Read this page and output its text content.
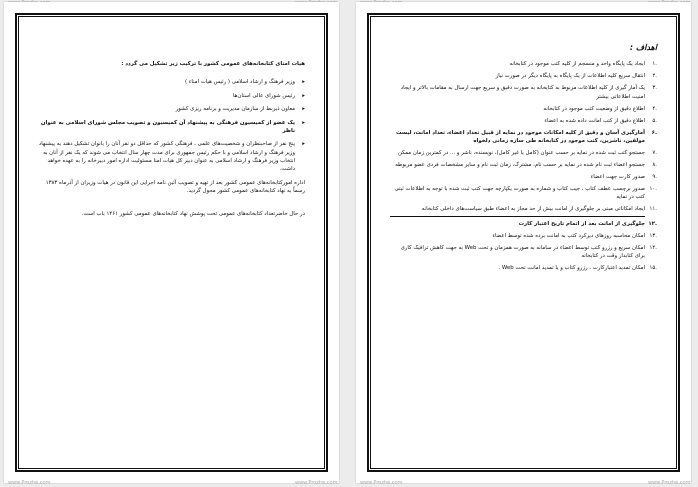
هیات امنای کتابخانه‌های عمومی کشور با ترکیب زیر تشکیل می گردد :

▸ وزیر فرهنگ و ارشاد اسلامی ( رئیس هیات امناء )
▸ رئیس شورای عالی استان‌ها
▸ معاون ذیربط از سازمان مدیریت و برنامه ریزی کشور
▸ یک عضو از کمیسیون فرهنگی به پیشنهاد آن کمیسیون و تصویب مجلس شورای اسلامی به عنوان ناظر
▸ پنج نفر از صاحبنظران و شخصیت‌های علمی ، فرهنگی کشور که حداقل دو نفر آنان را بانوان تشکیل دهند به پیشنهاد وزیر فرهنگ و ارشاد اسلامی و با حکم رئیس جمهوری برای مدت چهار سال انتخاب می شوند که یک نفر از آنان به انتخاب وزیر فرهنگ و ارشاد اسلامی به عنوان دبیر کل هیات امنا مسئولیت اداره امور دبیرخانه را به عهده خواهد داشت.

اداره امورکتابخانه‌های عمومی کشور بعد از تهیه و تصویب آئین نامه اجرایی این قانون در هیات وزیران از آذرماه ۱۳۸۳ رسماً به نهاد کتابخانه‌های عمومی کشور محول گردید.

در حال حاضرتعداد کتابخانه‌های عمومی تحت پوشش نهاد کتابخانه‌های عمومی کشور ۱۴۶۱ باب است.

اهداف :

۱.
ایجاد یک پایگاه واحد و منسجم از کلیه کتب موجود در کتابخانه
۲.
انتقال سریع کلیه اطلاعات از یک پایگاه به پایگاه دیگر در صورت نیاز
۳.
یک آمار گیری از کلیه اطلاعات مربوط به کتابخانه به صورت دقیق و سریع جهت ارسال به مقامات بالاتر و ایجاد امنیت اطلاعاتی بیشتر
۴.
اطلاع دقیق از وضعیت کتب موجود در کتابخانه
۵.
اطلاع دقیق از کتب امانت داده شده به اعضاء
۶.
آمارگیری آسان و دقیق از کلیه امکانات موجود در نمایه از قبیل تعداد اعضاء، تعداد امانت، لیست مولفین، ناشرین، کتب موجود در کتابخانه طی سازه زمانی دلخواه
۷.
جستجو کتب ثبت شده در نمایه بر حسب عنوان (کامل یا غیر کامل)، نویسنده، ناشر و ... در کمترین زمان ممکن
۸.
جستجو اعضاء ثبت نام شده در نمایه بر حسب نام، مشترک، زمان ثبت نام و سایر مشخصات فردی عضو مربوطه
۹.
صدور کارت جهت اعضاء
۱۰.
صدور برچسب عطف کتاب ، جیب کتاب و شماره به صورت یکپارچه جهت کتب ثبت شده با توجه به اطلاعات ثبتی کتب در نمایه
۱۱.
ایجاد امکاناتی مبنی بر جلوگیری از امانت بیش از حد مجاز به اعضاء طبق سیاست‌های داخلی کتابخانه
۱۲.
جلوگیری از امانت بعد از اتمام تاریخ اعتبار کارت
۱۳.
امکان محاسبه روزهای دیرکرد کتب به امانت برده شده توسط اعضاء
۱۴.
امکان سریع و رزرو کتب توسط اعضاء در سامانه به صورت همزمان و تحت Web به جهت کاهش ترافیک کاری برای کتابدار وقت در کتابخانه
۱۵.
امکان تمدید اعتبارکارت ، رزرو کتاب و یا تمدید امانت تحت Web .
www.Prozhe.com	www.Prozhe.com	www.Prozhe.com	www.Prozhe.com
